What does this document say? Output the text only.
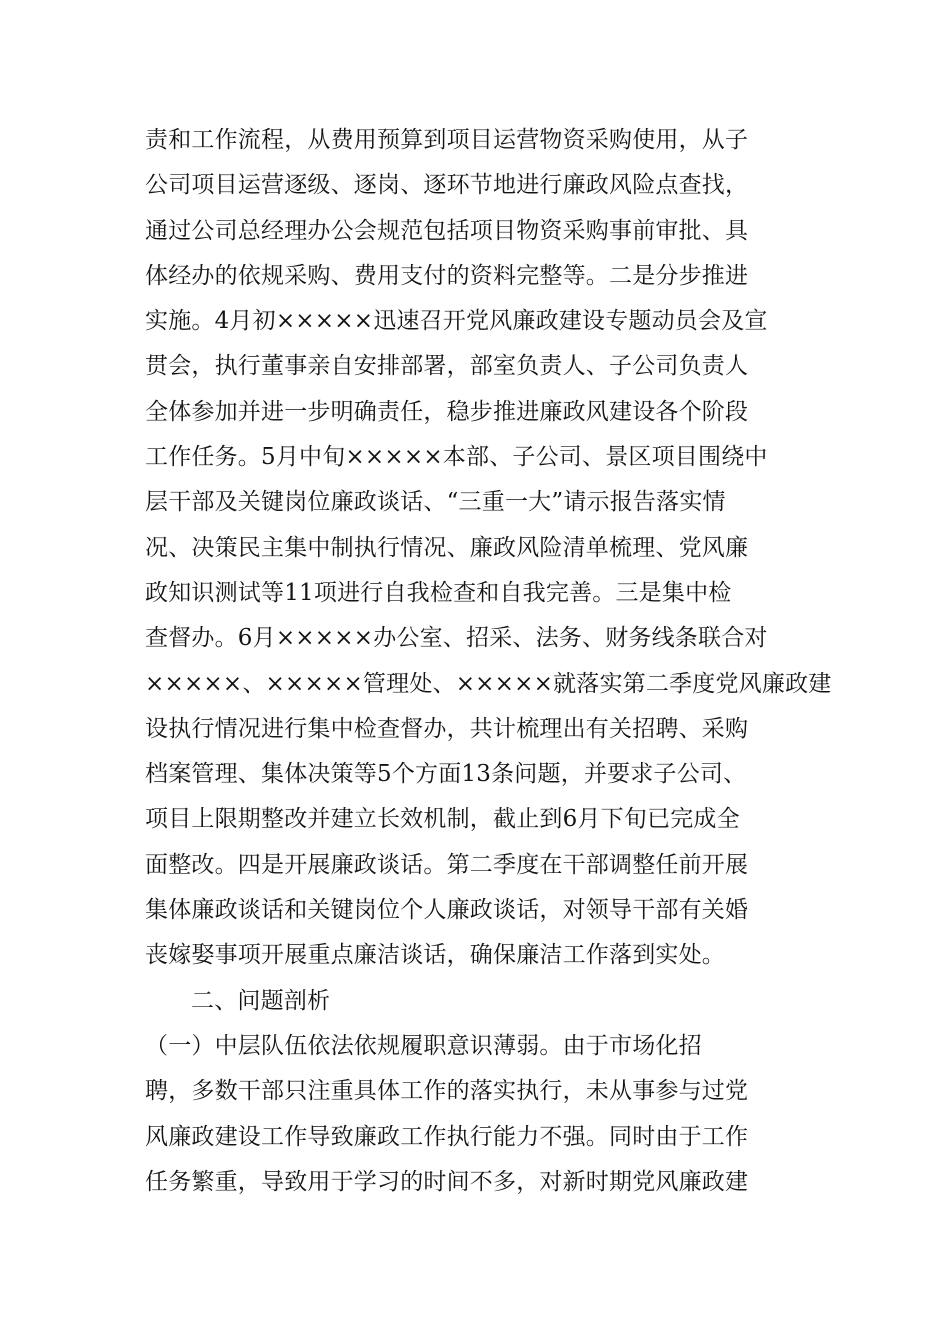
责和工作流程，从费用预算到项目运营物资采购使用，从子
公司项目运营逐级、逐岗、逐环节地进行廉政风险点查找，
通过公司总经理办公会规范包括项目物资采购事前审批、具
体经办的依规采购、费用支付的资料完整等。二是分步推进
实施。4月初×××××迅速召开党风廉政建设专题动员会及宣
贯会，执行董事亲自安排部署，部室负责人、子公司负责人
全体参加并进一步明确责任，稳步推进廉政风建设各个阶段
工作任务。5月中旬×××××本部、子公司、景区项目围绕中
层干部及关键岗位廉政谈话、“三重一大”请示报告落实情
况、决策民主集中制执行情况、廉政风险清单梳理、党风廉
政知识测试等11项进行自我检查和自我完善。三是集中检
查督办。6月×××××办公室、招采、法务、财务线条联合对
×××××、×××××管理处、×××××就落实第二季度党风廉政建
设执行情况进行集中检查督办，共计梳理出有关招聘、采购
档案管理、集体决策等5个方面13条问题，并要求子公司、
项目上限期整改并建立长效机制，截止到6月下旬已完成全
面整改。四是开展廉政谈话。第二季度在干部调整任前开展
集体廉政谈话和关键岗位个人廉政谈话，对领导干部有关婚
丧嫁娶事项开展重点廉洁谈话，确保廉洁工作落到实处。
二、问题剖析
（一）中层队伍依法依规履职意识薄弱。由于市场化招
聘，多数干部只注重具体工作的落实执行，未从事参与过党
风廉政建设工作导致廉政工作执行能力不强。同时由于工作
任务繁重，导致用于学习的时间不多，对新时期党风廉政建
